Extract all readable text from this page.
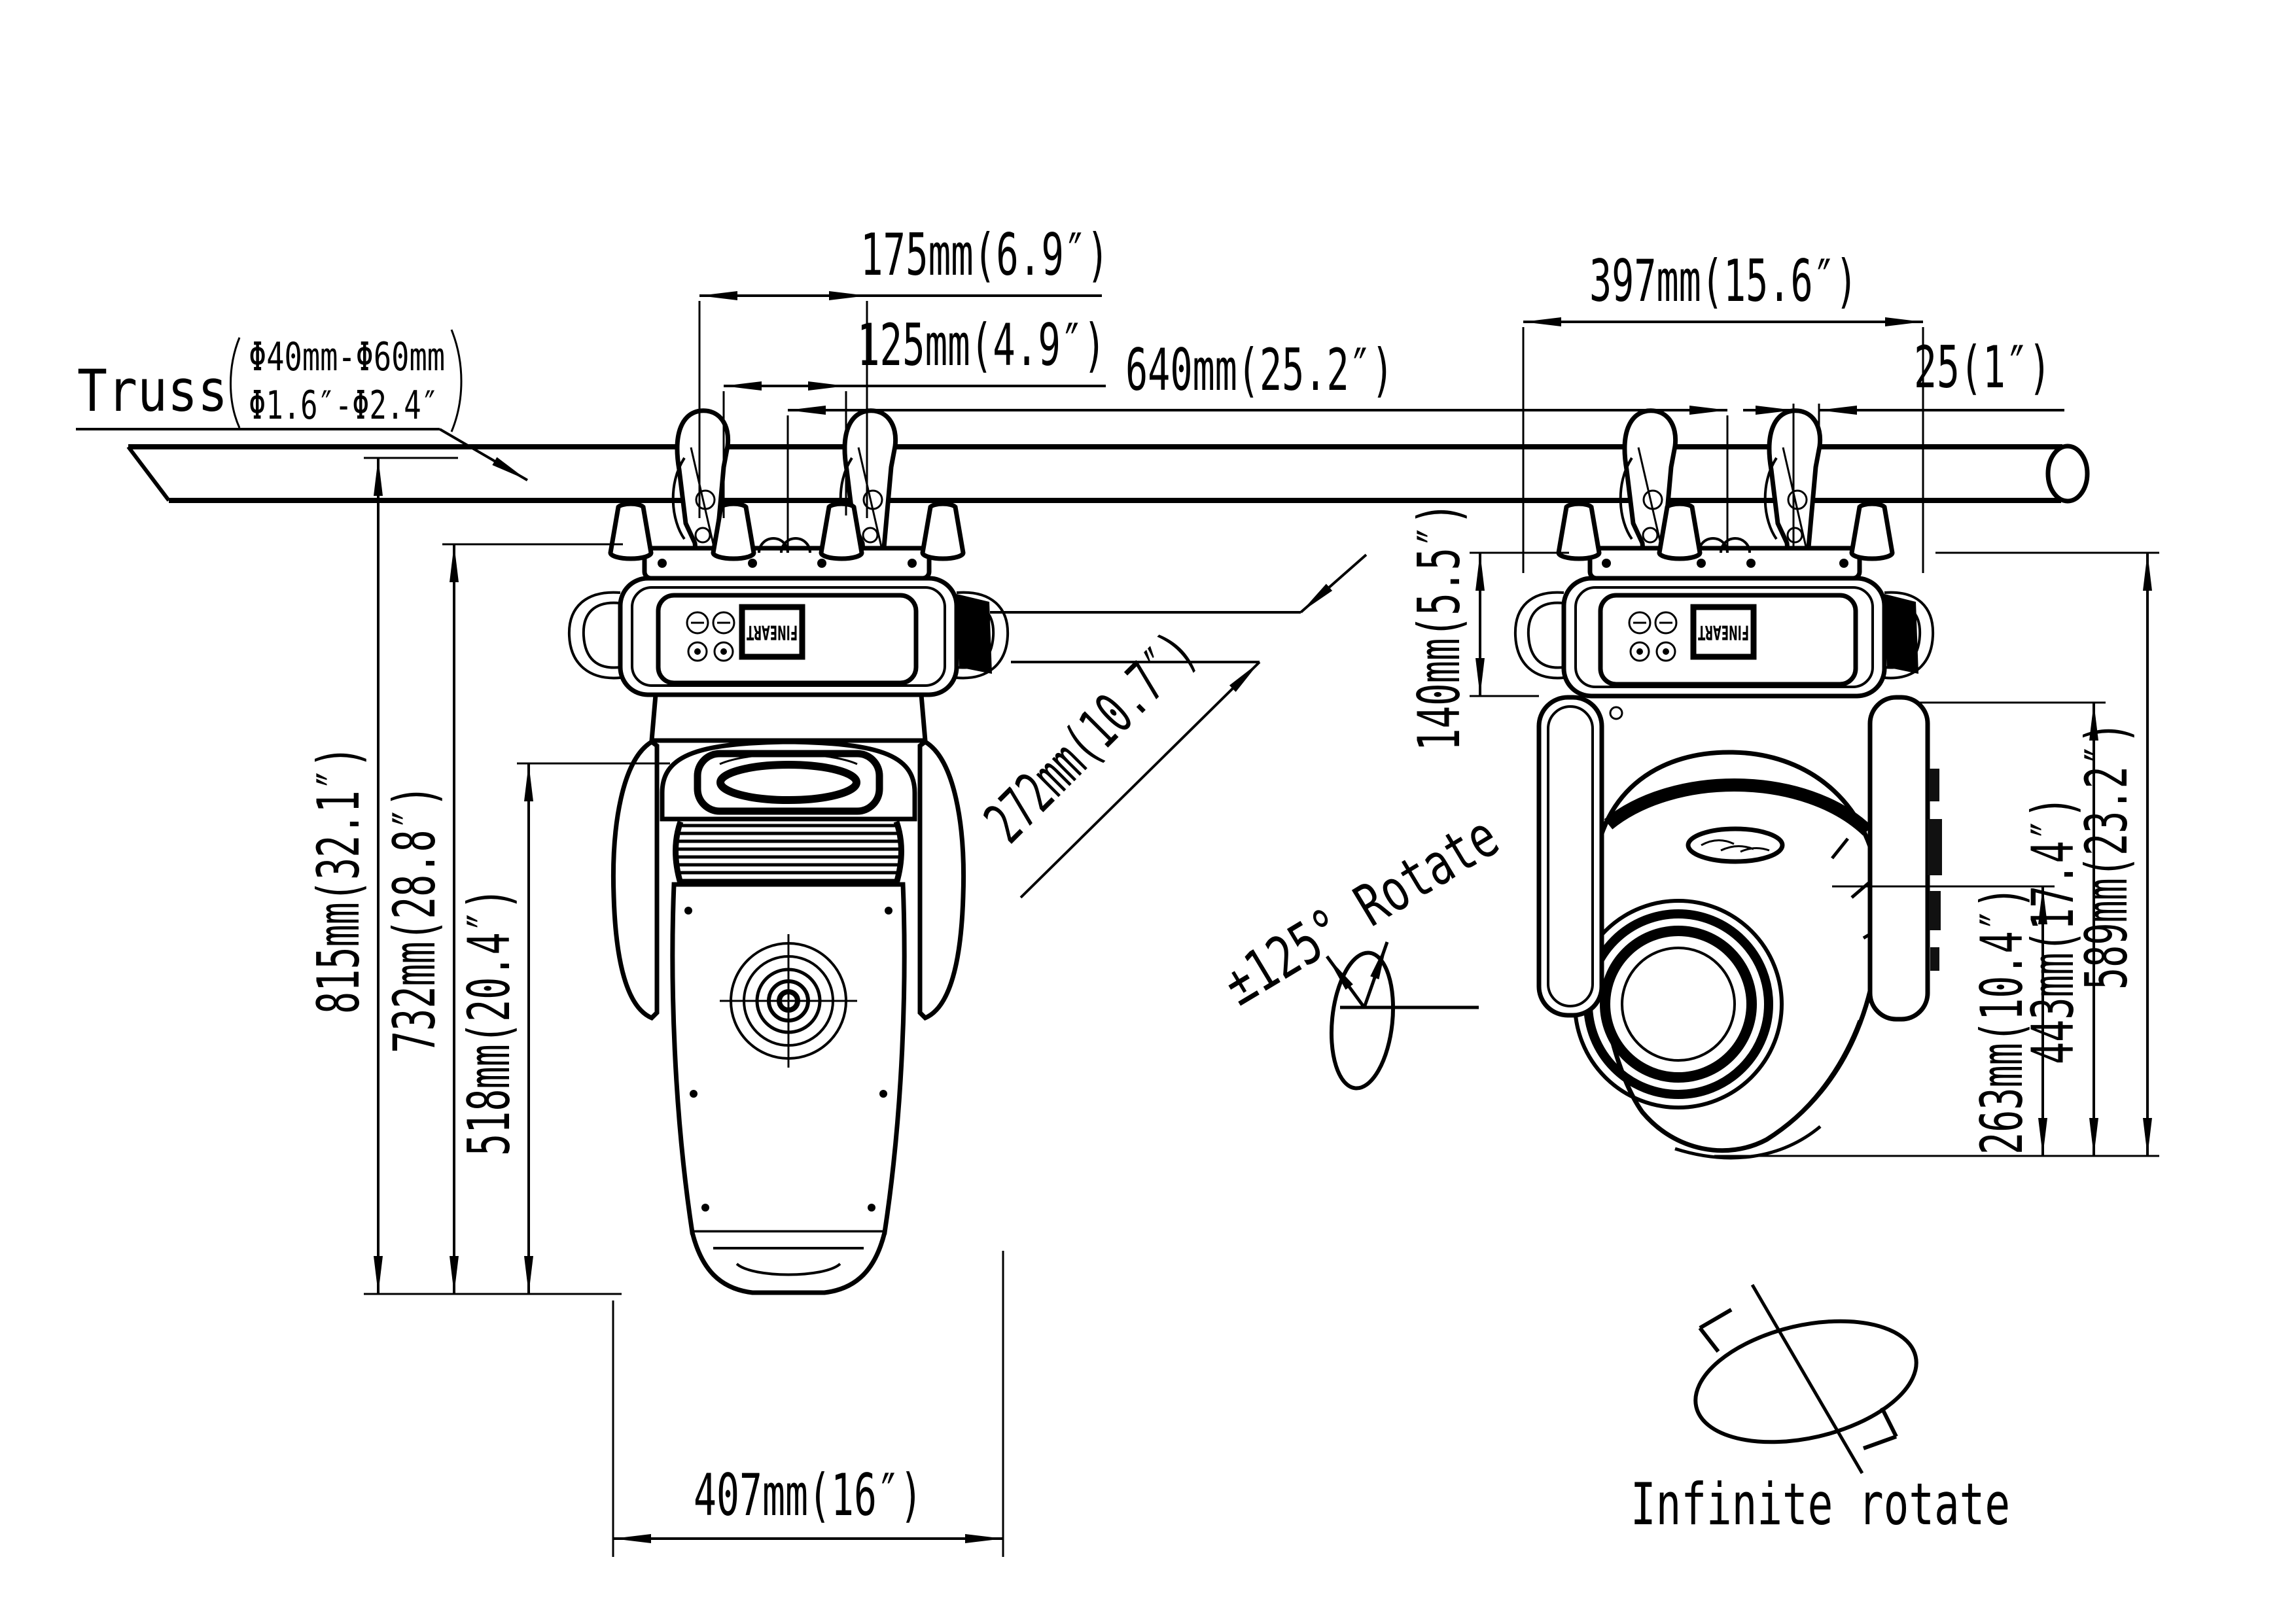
Truss Φ40mm-Φ60mm
Φ1.6″-Φ2.4″
FINEART	FINEART
175mm(6.9″)
125mm(4.9″) 640mm(25.2″)
397mm(15.6″)
25(1″)
815mm(32.1″) 732mm(28.8″) 518mm(20.4″)
407mm(16″)
272mm(10.7″) 140mm(5.5″)
263mm(10.4″)
443mm(17.4″)
589mm(23.2″)
±125° Rotate
Infinite rotate
